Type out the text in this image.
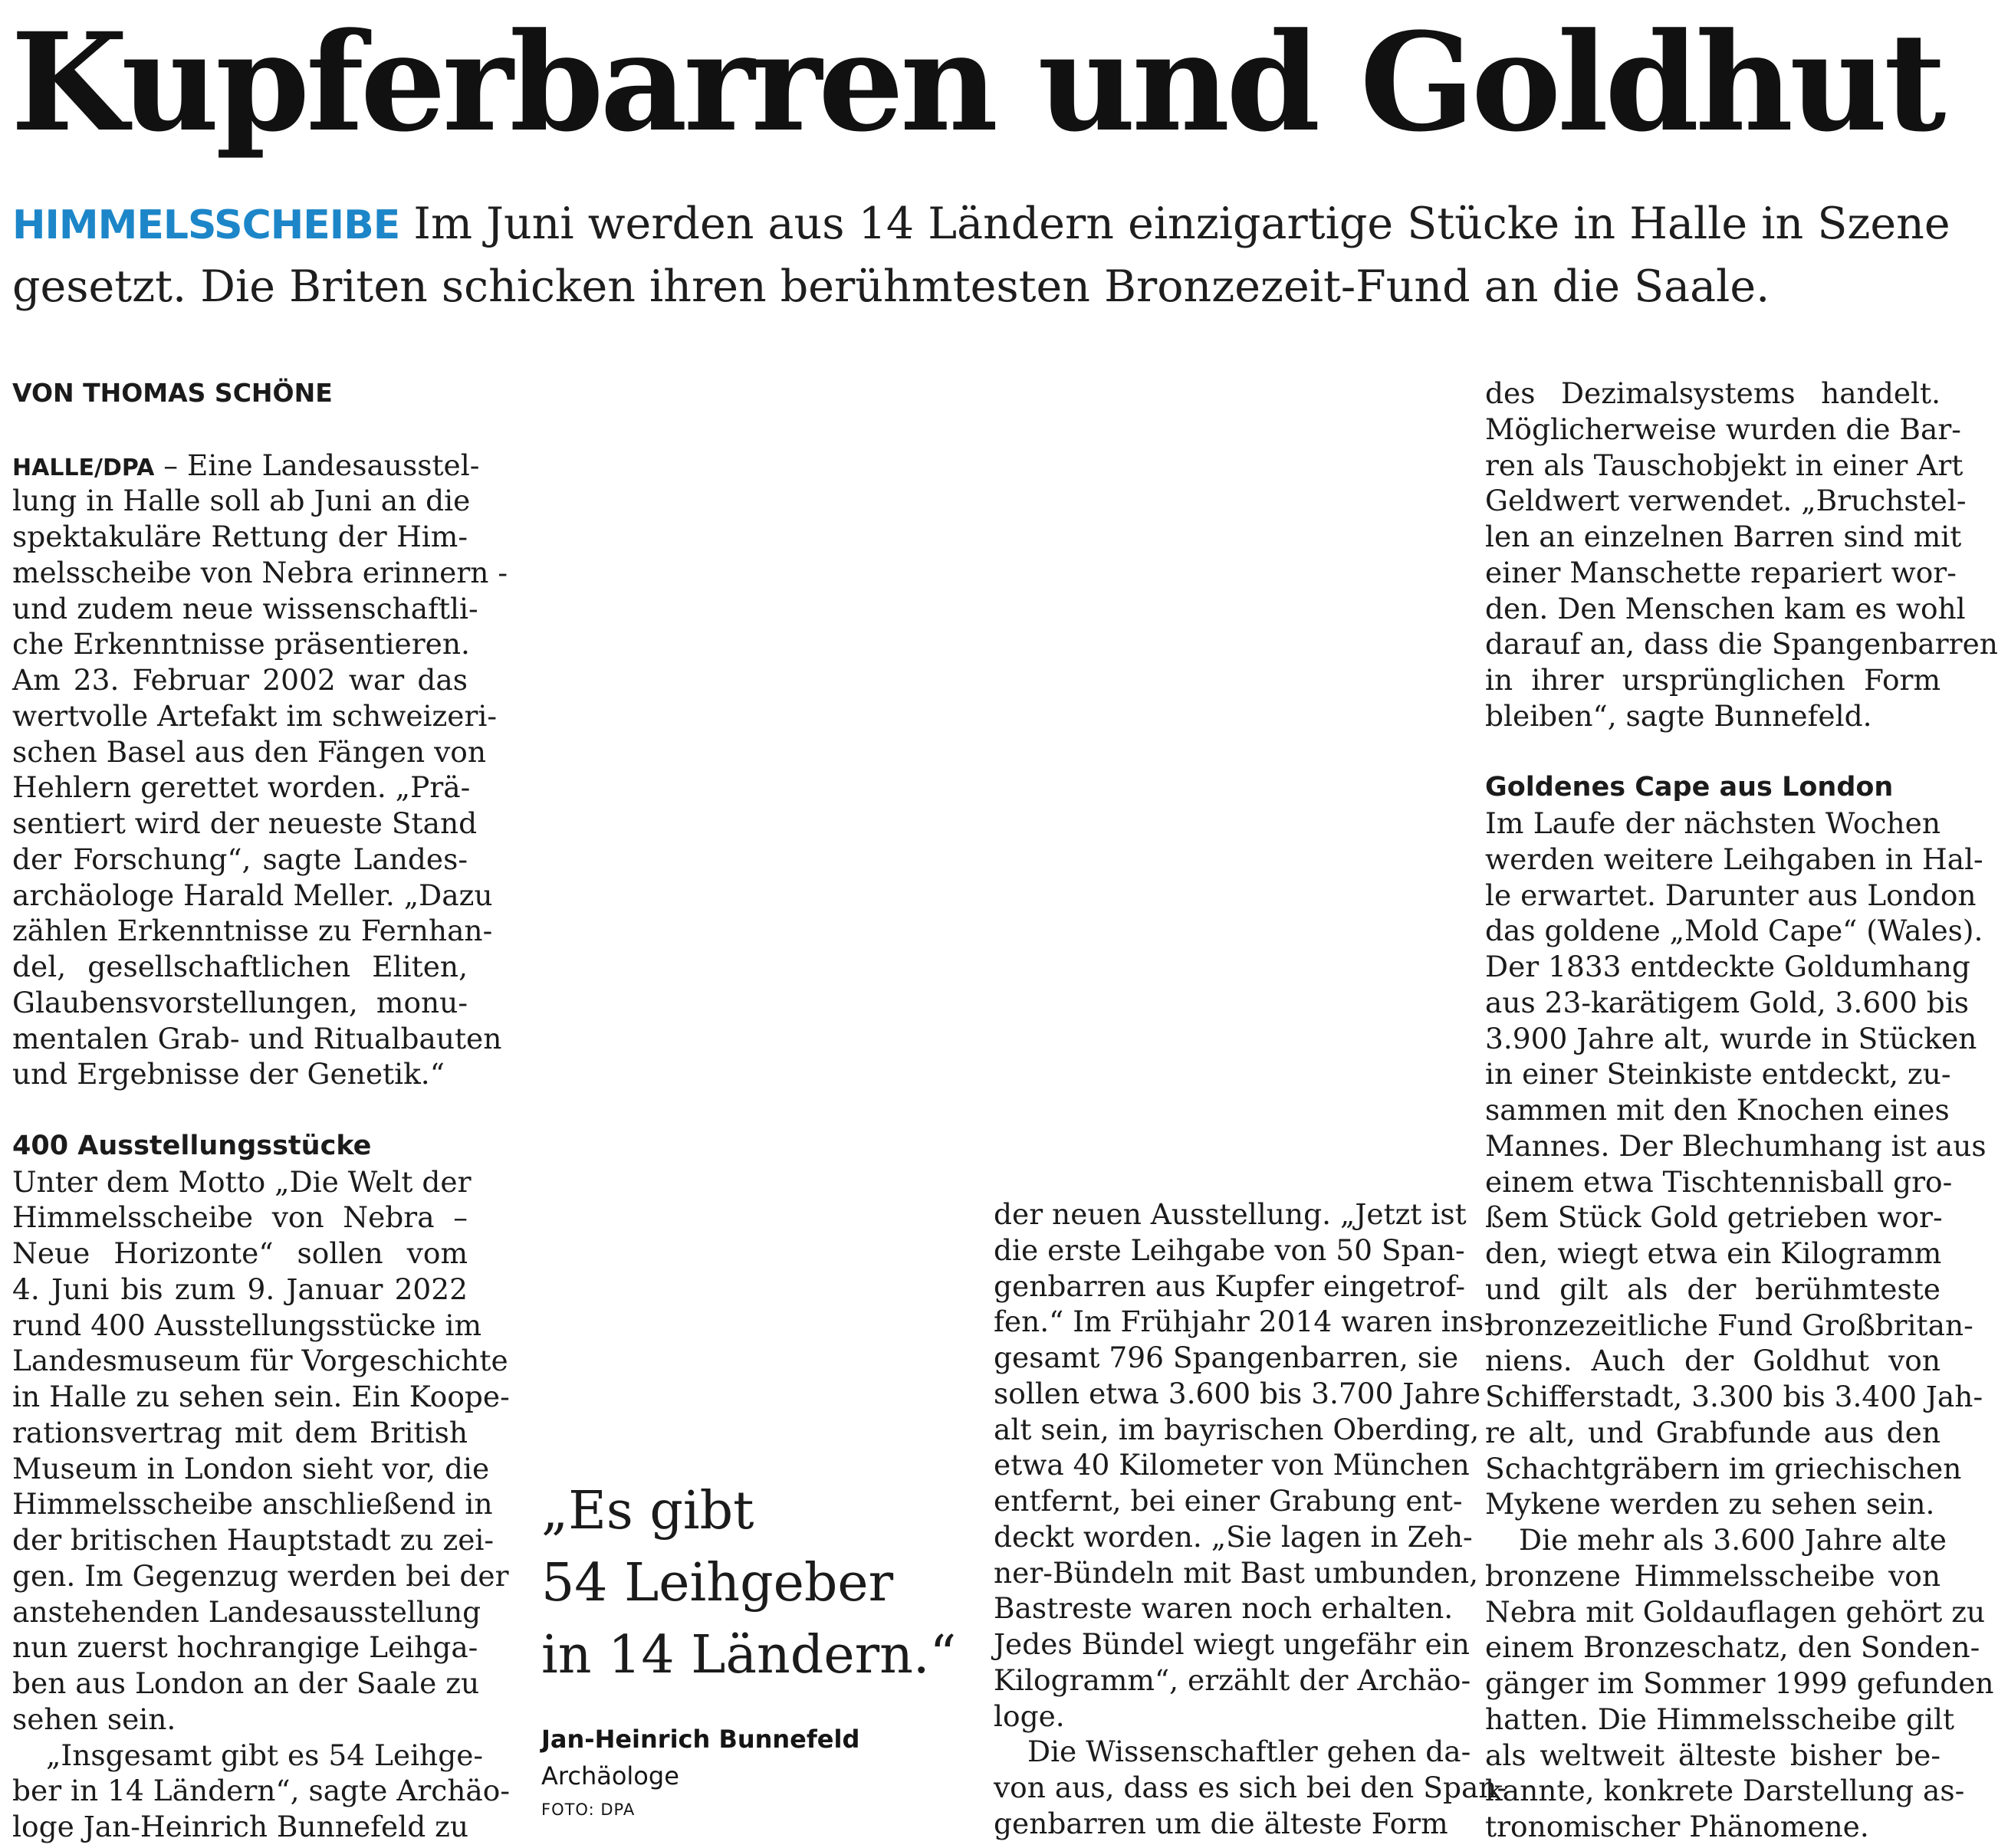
Kupferbarren und Goldhut
HIMMELSSCHEIBE Im Juni werden aus 14 Ländern einzigartige Stücke in Halle in Szene
gesetzt. Die Briten schicken ihren berühmtesten Bronzezeit-Fund an die Saale.
VON THOMAS SCHÖNE
HALLE/DPA – Eine Landesausstel-
lung in Halle soll ab Juni an die
spektakuläre Rettung der Him-
melsscheibe von Nebra erinnern -
und zudem neue wissenschaftli-
che Erkenntnisse präsentieren.
Am 23. Februar 2002 war das
wertvolle Artefakt im schweizeri-
schen Basel aus den Fängen von
Hehlern gerettet worden. „Prä-
sentiert wird der neueste Stand
der Forschung“, sagte Landes-
archäologe Harald Meller. „Dazu
zählen Erkenntnisse zu Fernhan-
del, gesellschaftlichen Eliten,
Glaubensvorstellungen, monu-
mentalen Grab- und Ritualbauten
und Ergebnisse der Genetik.“
400 Ausstellungsstücke
Unter dem Motto „Die Welt der
Himmelsscheibe von Nebra –
Neue Horizonte“ sollen vom
4. Juni bis zum 9. Januar 2022
rund 400 Ausstellungsstücke im
Landesmuseum für Vorgeschichte
in Halle zu sehen sein. Ein Koope-
rationsvertrag mit dem British
Museum in London sieht vor, die
Himmelsscheibe anschließend in
der britischen Hauptstadt zu zei-
gen. Im Gegenzug werden bei der
anstehenden Landesausstellung
nun zuerst hochrangige Leihga-
ben aus London an der Saale zu
sehen sein.
„Insgesamt gibt es 54 Leihge-
ber in 14 Ländern“, sagte Archäo-
loge Jan-Heinrich Bunnefeld zu
„Es gibt
54 Leihgeber
in 14 Ländern.“
Jan-Heinrich Bunnefeld
Archäologe
FOTO: DPA
der neuen Ausstellung. „Jetzt ist
die erste Leihgabe von 50 Span-
genbarren aus Kupfer eingetrof-
fen.“ Im Frühjahr 2014 waren ins-
gesamt 796 Spangenbarren, sie
sollen etwa 3.600 bis 3.700 Jahre
alt sein, im bayrischen Oberding,
etwa 40 Kilometer von München
entfernt, bei einer Grabung ent-
deckt worden. „Sie lagen in Zeh-
ner-Bündeln mit Bast umbunden,
Bastreste waren noch erhalten.
Jedes Bündel wiegt ungefähr ein
Kilogramm“, erzählt der Archäo-
loge.
Die Wissenschaftler gehen da-
von aus, dass es sich bei den Span-
genbarren um die älteste Form
des Dezimalsystems handelt.
Möglicherweise wurden die Bar-
ren als Tauschobjekt in einer Art
Geldwert verwendet. „Bruchstel-
len an einzelnen Barren sind mit
einer Manschette repariert wor-
den. Den Menschen kam es wohl
darauf an, dass die Spangenbarren
in ihrer ursprünglichen Form
bleiben“, sagte Bunnefeld.
Goldenes Cape aus London
Im Laufe der nächsten Wochen
werden weitere Leihgaben in Hal-
le erwartet. Darunter aus London
das goldene „Mold Cape“ (Wales).
Der 1833 entdeckte Goldumhang
aus 23-karätigem Gold, 3.600 bis
3.900 Jahre alt, wurde in Stücken
in einer Steinkiste entdeckt, zu-
sammen mit den Knochen eines
Mannes. Der Blechumhang ist aus
einem etwa Tischtennisball gro-
ßem Stück Gold getrieben wor-
den, wiegt etwa ein Kilogramm
und gilt als der berühmteste
bronzezeitliche Fund Großbritan-
niens. Auch der Goldhut von
Schifferstadt, 3.300 bis 3.400 Jah-
re alt, und Grabfunde aus den
Schachtgräbern im griechischen
Mykene werden zu sehen sein.
Die mehr als 3.600 Jahre alte
bronzene Himmelsscheibe von
Nebra mit Goldauflagen gehört zu
einem Bronzeschatz, den Sonden-
gänger im Sommer 1999 gefunden
hatten. Die Himmelsscheibe gilt
als weltweit älteste bisher be-
kannte, konkrete Darstellung as-
tronomischer Phänomene.
